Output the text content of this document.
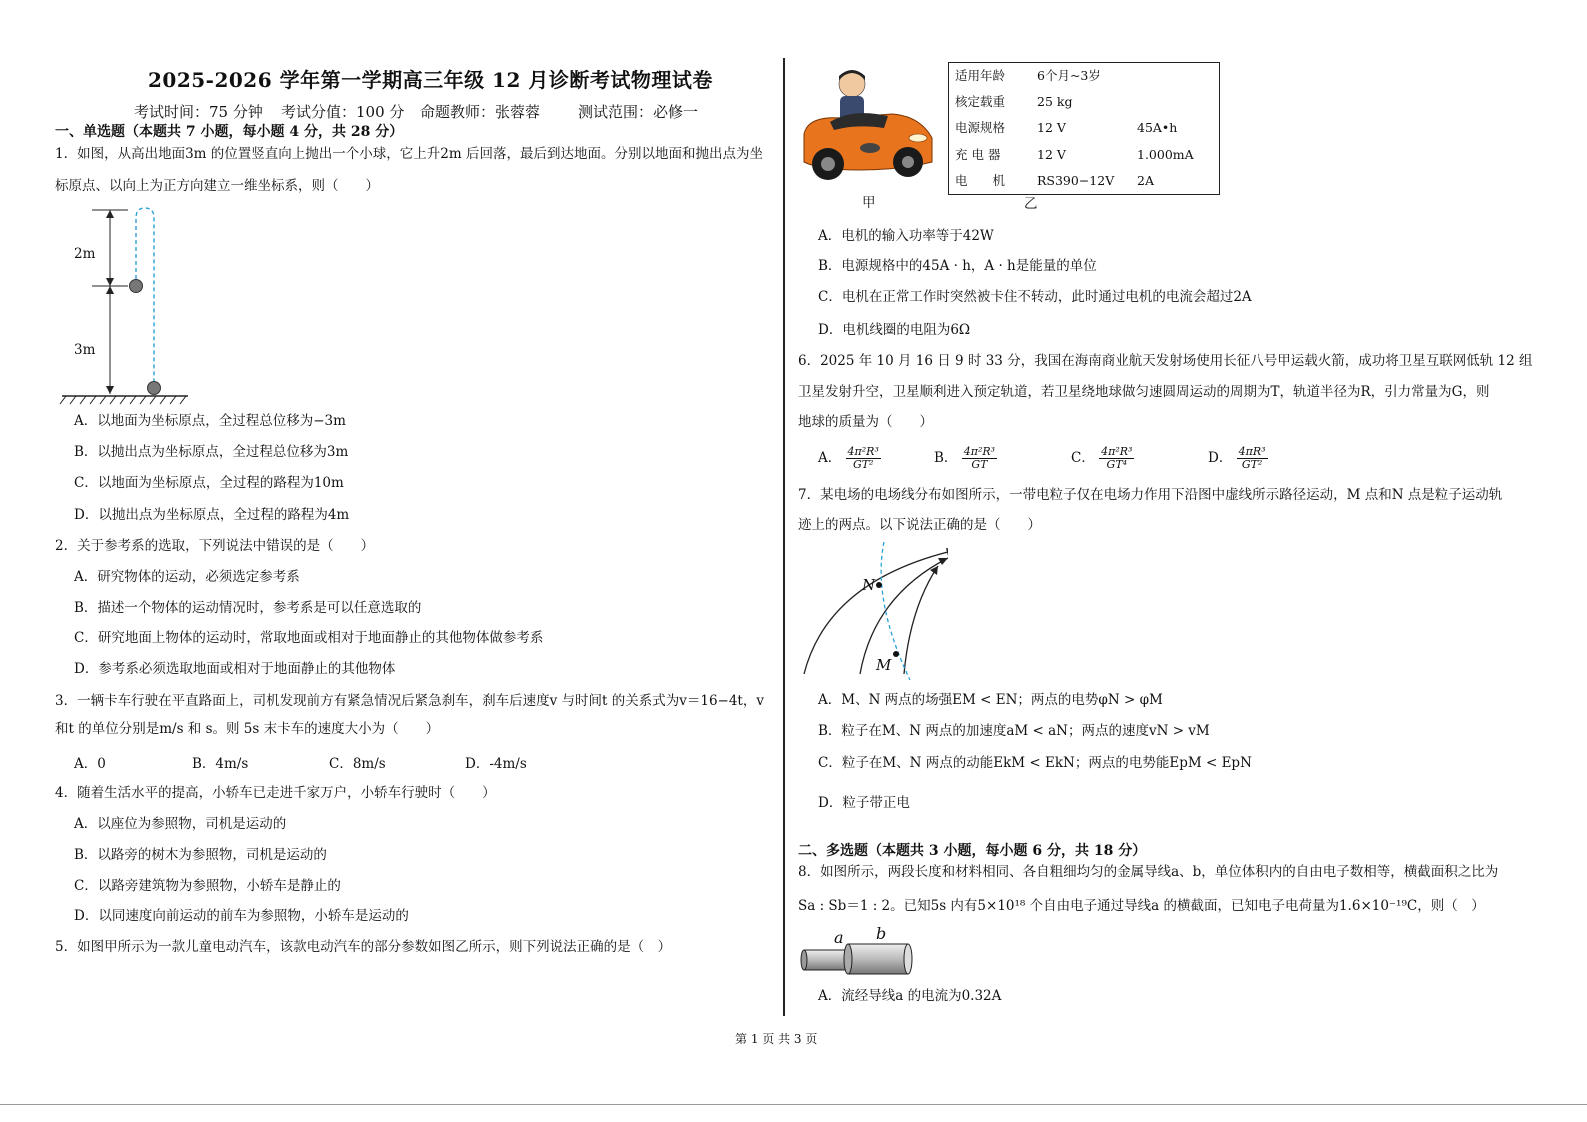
2025-2026 学年第一学期高三年级 12 月诊断考试物理试卷
考试时间：75 分钟 考试分值：100 分 命题教师：张蓉蓉	测试范围：必修一
一、单选题（本题共 7 小题，每小题 4 分，共 28 分）
1．如图，从高出地面3m 的位置竖直向上抛出一个小球，它上升2m 后回落，最后到达地面。分别以地面和抛出点为坐
标原点、以向上为正方向建立一维坐标系，则（　　）
2m
3m
A．以地面为坐标原点，全过程总位移为−3m
B．以抛出点为坐标原点，全过程总位移为3m
C．以地面为坐标原点，全过程的路程为10m
D．以抛出点为坐标原点，全过程的路程为4m
2．关于参考系的选取，下列说法中错误的是（　　）
A．研究物体的运动，必须选定参考系
B．描述一个物体的运动情况时，参考系是可以任意选取的
C．研究地面上物体的运动时，常取地面或相对于地面静止的其他物体做参考系
D．参考系必须选取地面或相对于地面静止的其他物体
3．一辆卡车行驶在平直路面上，司机发现前方有紧急情况后紧急刹车，刹车后速度v 与时间t 的关系式为v＝16−4t，v
和t 的单位分别是m/s 和 s。则 5s 末卡车的速度大小为（　　）
A．0	B．4m/s	C．8m/s	D．-4m/s
4．随着生活水平的提高，小轿车已走进千家万户，小轿车行驶时（　　）
A．以座位为参照物，司机是运动的
B．以路旁的树木为参照物，司机是运动的
C．以路旁建筑物为参照物，小轿车是静止的
D．以同速度向前运动的前车为参照物，小轿车是运动的
5．如图甲所示为一款儿童电动汽车，该款电动汽车的部分参数如图乙所示，则下列说法正确的是（　）
甲	乙
适用年龄	6个月~3岁	
核定载重	25 kg	
电源规格	12 V	45A•h
充 电 器	12 V	1.000mA
电　　机	RS390−12V	2A
A．电机的输入功率等于42W
B．电源规格中的45A · h，A · h是能量的单位
C．电机在正常工作时突然被卡住不转动，此时通过电机的电流会超过2A
D．电机线圈的电阻为6Ω
6．2025 年 10 月 16 日 9 时 33 分，我国在海南商业航天发射场使用长征八号甲运载火箭，成功将卫星互联网低轨 12 组
卫星发射升空，卫星顺利进入预定轨道，若卫星绕地球做匀速圆周运动的周期为T，轨道半径为R，引力常量为G，则
地球的质量为（　　）
A． $\frac{\text{4π²R³}}{\text{GT²}}$	B． $\frac{\text{4π²R³}}{GT}$	C． $\frac{\text{4π²R³}}{\text{GT⁴}}$	D． $\frac{\text{4πR³}}{\text{GT²}}$
7．某电场的电场线分布如图所示，一带电粒子仅在电场力作用下沿图中虚线所示路径运动，M 点和N 点是粒子运动轨
迹上的两点。以下说法正确的是（　　）
N
M
A．M、N 两点的场强EM < EN；两点的电势φN > φM
B．粒子在M、N 两点的加速度aM < aN；两点的速度vN > vM
C．粒子在M、N 两点的动能EkM < EkN；两点的电势能EpM < EpN
D．粒子带正电
二、多选题（本题共 3 小题，每小题 6 分，共 18 分）
8．如图所示，两段长度和材料相同、各自粗细均匀的金属导线a、b，单位体积内的自由电子数相等，横截面积之比为
Sa : Sb＝1 : 2。已知5s 内有5×10¹⁸ 个自由电子通过导线a 的横截面，已知电子电荷量为1.6×10⁻¹⁹C，则（　）
a b
A．流经导线a 的电流为0.32A
第 1 页 共 3 页
